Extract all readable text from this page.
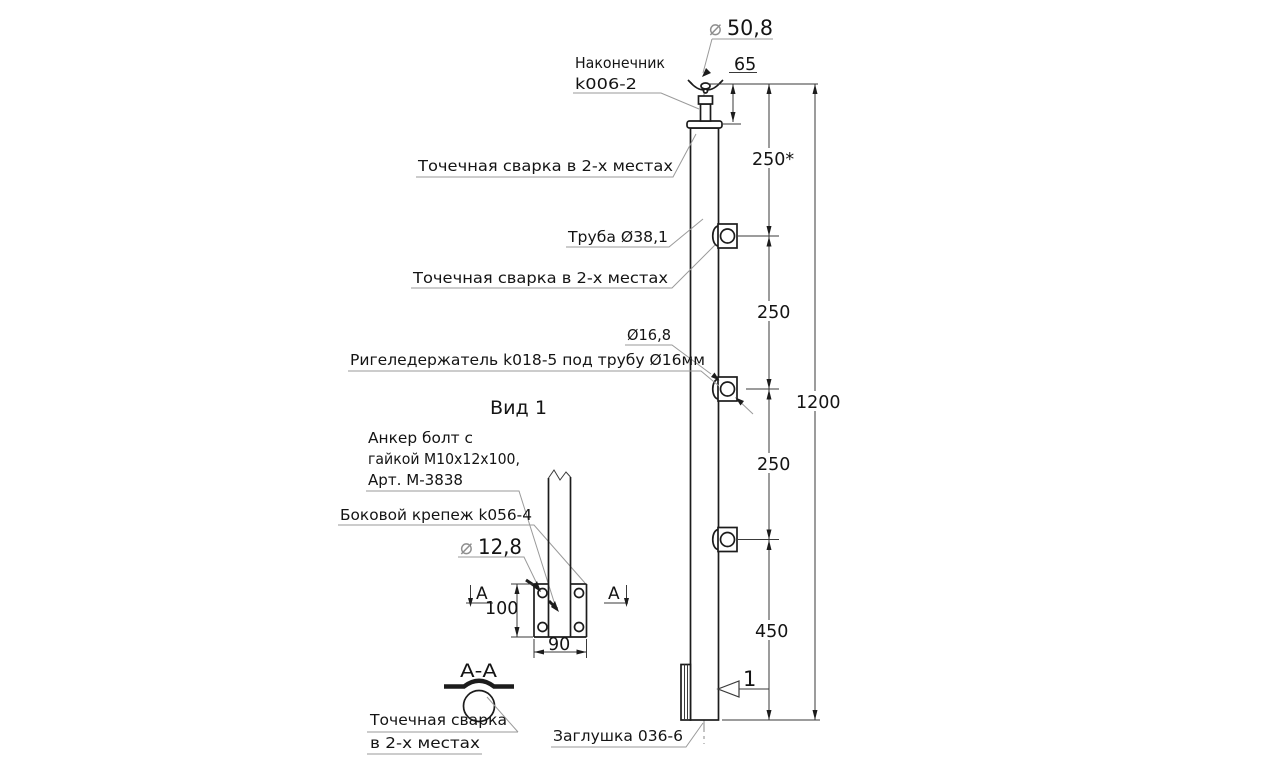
1
65
250*
250
250
450
1200
⌀ 50,8
Наконечник
k006-2
Точечная сварка в 2-х местах
Труба Ø38,1
Точечная сварка в 2-х местах
Ø16,8
Ригеледержатель k018-5 под трубу Ø16мм
Вид 1
Анкер болт с
гайкой М10х12х100,
Арт. М-3838
Боковой крепеж k056-4
⌀ 12,8
А	А
100
90
А-А
Точечная сварка
в 2-х местах	Заглушка 036-6
